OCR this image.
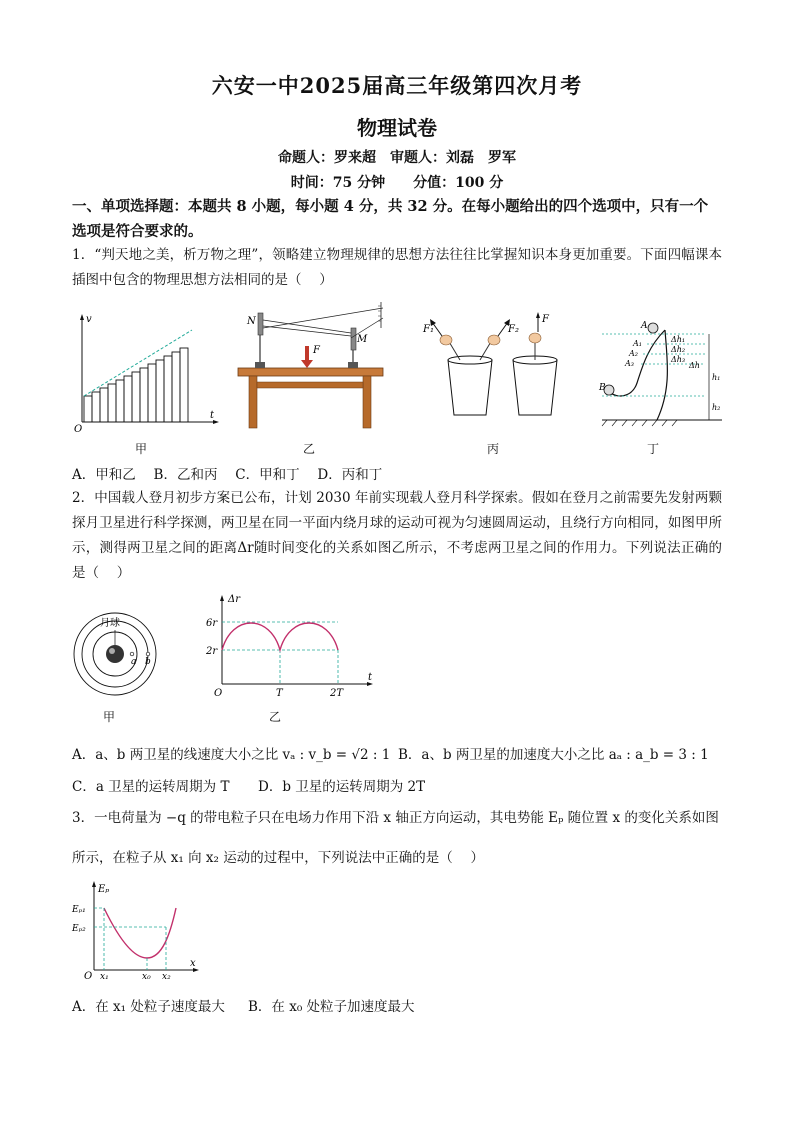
六安一中2025届高三年级第四次月考
物理试卷
命题人：罗来超　审题人：刘磊　罗军
时间：75 分钟　　分值：100 分
一、单项选择题：本题共 8 小题，每小题 4 分，共 32 分。在每小题给出的四个选项中，只有一个选项是符合要求的。
1．“判天地之美，析万物之理”，领略建立物理规律的思想方法往往比掌握知识本身更加重要。下面四幅课本插图中包含的物理思想方法相同的是（　 ）
v
t
O
N
M
F
F₁	F₂
F
A
B
A₁
A₂
A₃
Δh₁
Δh₂
Δh₃
Δh
h₁
h₂
甲	乙	丙	丁
A．甲和乙　 B．乙和丙　 C．甲和丁　 D．丙和丁
2．中国载人登月初步方案已公布，计划 2030 年前实现载人登月科学探索。假如在登月之前需要先发射两颗探月卫星进行科学探测，两卫星在同一平面内绕月球的运动可视为匀速圆周运动，且绕行方向相同，如图甲所示，测得两卫星之间的距离Δr随时间变化的关系如图乙所示，不考虑两卫星之间的作用力。下列说法正确的是（　 ）
月球
a b
甲
Δr
6r
2r
O	T	2T
t
乙
A．a、b 两卫星的线速度大小之比 vₐ : v_b = √2 : 1 B．a、b 两卫星的加速度大小之比 aₐ : a_b = 3 : 1
C．a 卫星的运转周期为 T D．b 卫星的运转周期为 2T
3．一电荷量为 −q 的带电粒子只在电场力作用下沿 x 轴正方向运动，其电势能 Eₚ 随位置 x 的变化关系如图
所示，在粒子从 x₁ 向 x₂ 运动的过程中，下列说法中正确的是（　 ）
Eₚ
Eₚ₁
Eₚ₂
O x₁	x₀ x₂
x
A．在 x₁ 处粒子速度最大 B．在 x₀ 处粒子加速度最大
